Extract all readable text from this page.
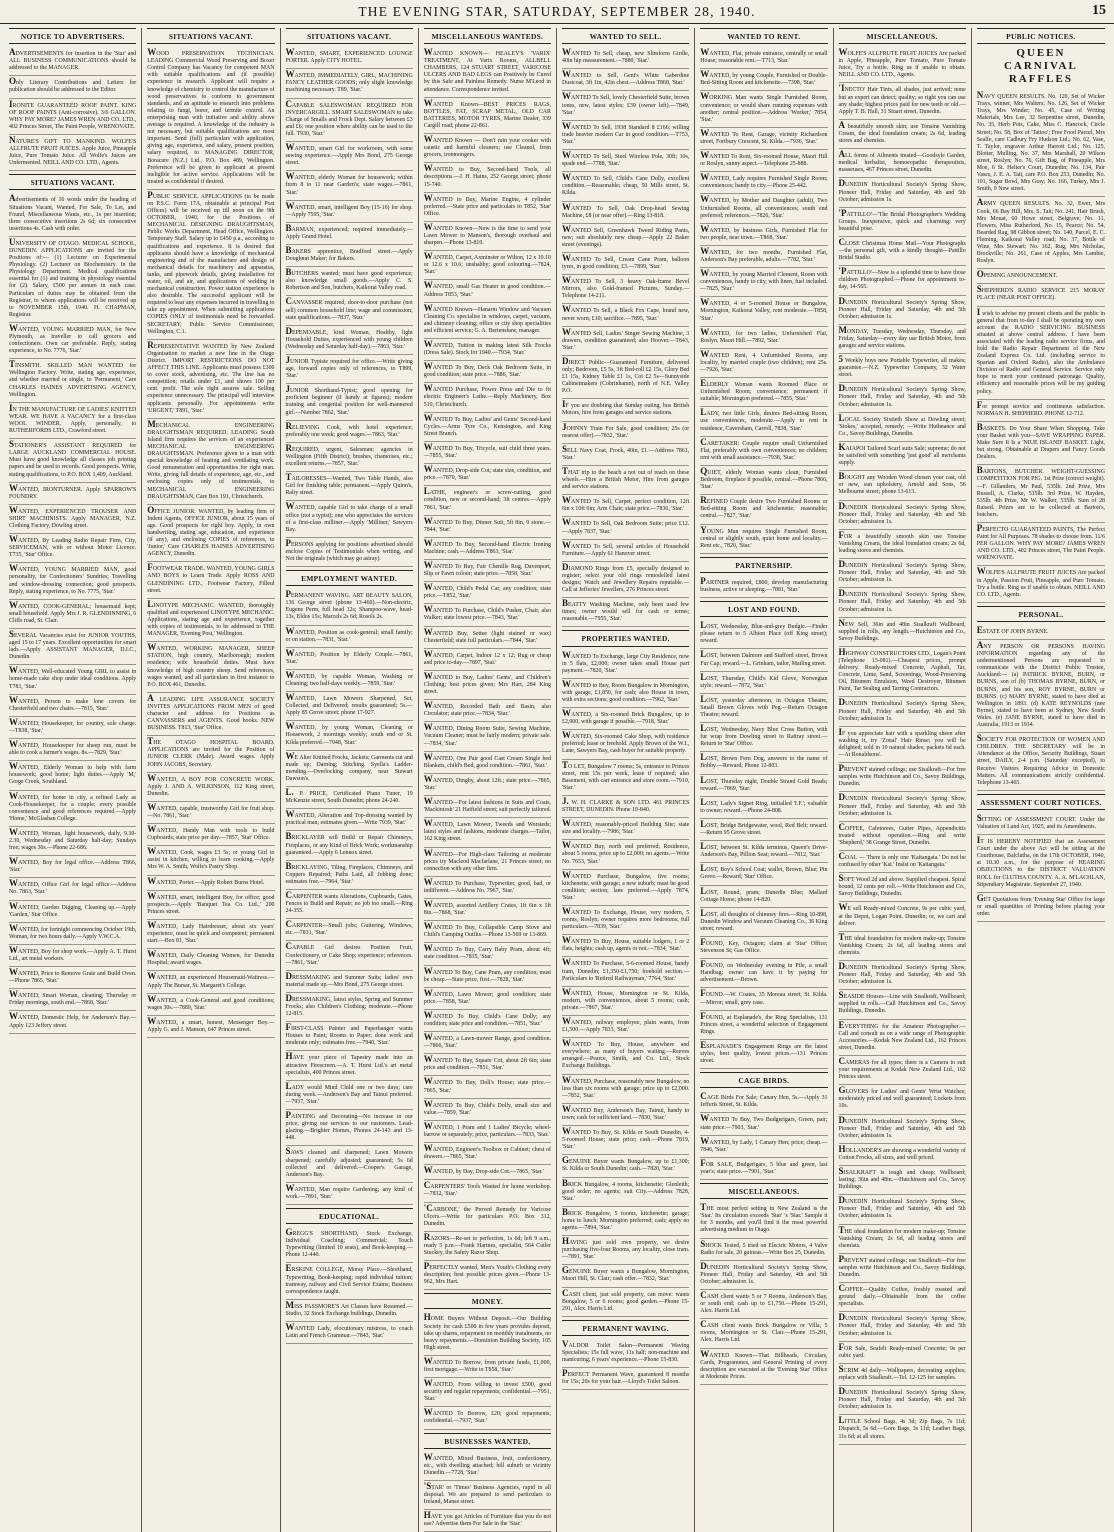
THE EVENING STAR, SATURDAY, SEPTEMBER 28, 1940.	15
NOTICE TO ADVERTISERS.
ADVERTISEMENTS for insertion in the 'Star' and ALL BUSINESS COMMUNICATIONS should be addressed to the MANAGER.
Only Literary Contributions and Letters for publication should be addressed to the Editor.
IRONITE GUARANTEED ROOF PAINT. KING OF ROOF PAINTS (Anti-corrosive). 3/6 GALLON. WHY PAY MORE? JAMES WREN AND CO. LTD., 402 Princes Street, The Paint People, WRENOVATE.
NATURE'S GIFT TO MANKIND. WOLFE'S ALLFRUTE FRUIT JUICES. Apple Juice, Pineapple Juice, Pure Tomato Juice. All Wolfe's Juices are Unfermented. NEILL AND CO. LTD., Agents.
SITUATIONS VACANT.
Advertisements of 16 words under the heading of Situations Vacant, Wanted, For Sale, To Let, and Found, Miscellaneous Wants, etc., 1s per insertion; three consecutive insertions 2s 6d; six consecutive insertions 4s. Cash with order.
UNIVERSITY OF OTAGO. MEDICAL SCHOOL, DUNEDIN. APPLICATIONS are invited for the Positions of:— (1) Lecturer on Experimental Physiology. (2) Lecturer on Biochemistry. In the Physiology Department. Medical qualifications essential for (1) and training in physiology essential for (2). Salary, £500 per annum in each case. Particulars of duties may be obtained from the Registrar, to whom applications will be received up to NOVEMBER 15th, 1940. H. CHAPMAN, Registrar.
WANTED, YOUNG MARRIED MAN, for New Plymouth, as traveller to call grocers and confectioners. Own car preferable. Reply, stating experience, to No. 7776, 'Star.'
TINSMITH. SKILLED MAN WANTED for Wellington Factory. Write, stating age, experience, and whether married or single, to 'Permanent,' Care CHARLES HAINES ADVERTISING AGENCY, Wellington.
IN THE MANUFACTURE OF LADIES' KNITTED WEAR. WE HAVE A VACANCY for a first-class WOOL WINDER. Apply, personally, to RUTHERFORDS LTD., Crawford street.
STATIONER'S ASSISTANT REQUIRED for LARGE AUCKLAND COMMERCIAL HOUSE. Must have good knowledge all classes job printing papers and be used to records. Good prospects. Write, stating qualifications, to P.O. BOX 1,409, Auckland.
WANTED, IRONTURNER. Apply SPARROW'S FOUNDRY.
WANTED, EXPERIENCED TROUSER AND SHIRT MACHINISTS. Apply MANAGER, N.Z. Clothing Factory, Dowling street.
WANTED, By Leading Radio Repair Firm, City, SERVICEMAN, with or without Motor Licence. T735, 'Star' Office.
WANTED, YOUNG MARRIED MAN, good personality, for Confectioners' Sundries; Travelling and window-dressing connection; good prospects. Reply, stating experience, to No. 7775, 'Star.'
WANTED, COOK-GENERAL; housemaid kept; small household. Apply Mrs J. R. GLENDINNING, 6 Cliffs road, St. Clair.
SEVERAL Vacancies exist for JUNIOR YOUTHS, aged 15 to 17 years. Excellent opportunities for smart lads.—Apply ASSISTANT MANAGER, D.I.C., Dunedin.
WANTED, Well-educated Young GIRL to assist in home-made cake shop under ideal conditions. Apply T781, 'Star.'
WANTED, Person to make lone covers for Chesterfield and two chairs.—7815, 'Star.'
WANTED, Housekeeper, for country, sole charge.—T838, 'Star.'
WANTED, Housekeeper for sheep run, must be able to cook a farmer's wages. 8s.—7829, 'Star.'
WANTED, Elderly Woman to help with farm housework; good home; light duties.—Apply 'M,' Gorge Creek, Southland.
WANTED, for home in city, a refined Lady as Cook-Housekeeper, for a couple; every possible convenience and good references required.—Apply 'Home,' McGlashan College.
WANTED, Woman, light housework, daily, 9.30-2.30, Wednesday and Saturday half-day; Sundays free; wages 30s.—Phone 22-686.
WANTED, Boy for legal office.—Address T866, 'Star.'
WANTED, Office Girl for legal office.—Address No. 7863, 'Star.'
WANTED, Garden Digging, Cleaning up.—Apply 'Garden,' Star Office.
WANTED, for fortnight commencing October 19th, Woman, for two hours daily.—Apply V.W.C.A.
WANTED, Boy for shop work.—Apply A. T. Hurst Ltd., art metal workers.
WANTED, Price to Remove Grate and Build Oven.—Phone 7865, 'Star.'
WANTED, Smart Woman, cleaning, Thursday or Friday mornings, south end.—7868, 'Star.'
WANTED, Domestic Help, for Anderson's Bay.—Apply 123 Jeffery street.
SITUATIONS VACANT.
WOOD PRESERVATION TECHNICIAN. LEADING Commercial Wood Preserving and Boxer Control Company has Vacancy for competent MAN with suitable qualifications and (if possible) experience in research. Applicant will require a knowledge of chemistry to control the manufacture of wood preservatives to conform to government standards, and an aptitude to research into problems relating to fungi, borer, and termite control. An enterprising man with initiative and ability above average is required. A knowledge of the industry is not necessary, but suitable qualifications are most important. Send (full) particulars with application, giving age, experience, and salary, present position, salary required, to MANAGING DIRECTOR, Boracure (N.Z.) Ltd., P.O. Box 489, Wellington. Preference will be given to applicant at present ineligible for active service. Applications will be treated as confidential if desired.
PUBLIC SERVICE. APPLICATIONS (to be made on P.S.C. Form 17A, obtainable at principal Post Offices) will be received up till noon on the 9th OCTOBER, 1940, for the Positions of MECHANICAL DESIGNING DRAUGHTSMAN, Public Works Department, Head Office, Wellington. Temporary Staff. Salary up to £450 p.a., according to qualifications and experience. It is desired that applicants should have a knowledge of mechanical engineering and of the manufacture and design of mechanical details for machinery and apparatus, tanks, and pipework details, giving installation for water, oil, and air, and applications of welding in mechanical construction. Power station experience is also desirable. The successful applicant will be required to bear any expenses incurred in travelling to take up appointment. When submitting applications COPIES ONLY of testimonials need be forwarded. SECRETARY, Public Service Commissioner, Wellington, C.1.
REPRESENTATIVE WANTED by New Zealand Organisation to market a new line in the Otago District. IMPORT RESTRICTIONS DO NOT AFFECT THIS LINE. Applicants must possess £300 to cover stock, advertising, etc. The line has no competition; retails under £1, and shows 100 per cent. profit. The sole right assures sale. Selling experience unnecessary. The principal will interview applicants personally. For appointments write 'URGENT,' T891, 'Star.'
MECHANICAL ENGINEERING DRAUGHTSMAN REQUIRED. LEADING South Island firm requires the services of an experienced MECHANICAL ENGINEERING DRAUGHTSMAN. Preference given to a man with special knowledge of heating and ventilating work. Good remuneration and opportunities for right man. Write, giving full details of experience, age, etc., and enclosing copies only of testimonials, to MECHANICAL ENGINEERING DRAUGHTSMAN, Care Box 191, Christchurch.
OFFICE JUNIOR. WANTED, by leading firm of Indent Agents, OFFICE JUNIOR, about 15 years of age. Good prospects for right boy. Apply, in own handwriting, stating age, education, and experience (if any), and enclosing COPIES of references, to 'Junior,' Care CHARLES HAINES ADVERTISING AGENCY, Dunedin.
FOOTWEAR TRADE. WANTED, YOUNG GIRLS AND BOYS to Learn Trade. Apply ROSS AND GLENDINING LTD., Footwear Factory, Filleul street.
LINOTYPE MECHANIC. WANTED, thoroughly qualified and experienced LINOTYPE MECHANIC. Applications, stating age and experience, together with copies of testimonials, to be addressed to THE MANAGER, 'Evening Post,' Wellington.
WANTED, WORKING MANAGER, SHEEP STATION, high country, Marlborough; modern residence; wife household duties. Must have knowledge of high country sheep. Send references, wages wanted, and all particulars in first instance to P.O. BOX 461, Dunedin.
A LEADING LIFE ASSURANCE SOCIETY INVITES APPLICATIONS FROM MEN of good character and address for Positions as CANVASSERS and AGENTS. Good books. NEW BUSINESS. T813, 'Star' Office.
THE OTAGO HOSPITAL BOARD. APPLICATIONS are invited for the Position of JUNIOR CLERK (Male). Award wages. Apply JOHN JACOBS, Secretary.
WANTED, A BOY FOR CONCRETE WORK. Apply J. AND A. WILKINSON, 112 King street, Dunedin.
WANTED, capable, trustworthy Girl for fruit shop.—No. 7861, 'Star.'
WANTED, Handy Man with tools to build Cupboards; state price per day.—7857, 'Star' Office.
WANTED, Cook, wages £3 5s; or young Girl to assist in kitchen, willing to learn cooking.—Apply Mrs W. A. Smith, Wolfe's Pastry Shop.
WANTED, Porter.—Apply Robert Burns Hotel.
WANTED, smart, intelligent Boy, for office; good prospects.—Apply 'Banquet Tea Co. Ltd.,' 200 Princes street.
WANTED, Lady Hairdresser, about six years' experience, must be quick and competent; permanent start.—Box 81, 'Star.'
WANTED, Daily Cleaning Women, for Dunedin Hospital; award wages.
WANTED, an experienced Housemaid-Waitress.—Apply The Bursar, St. Margaret's College.
WANTED, a Cook-General and good conditions; wages 30s.—7889, 'Star.'
WANTED, a smart, honest, Messenger Boy.—Apply G. and J. Manson, 647 Princes street.
SITUATIONS VACANT.
WANTED, SMART, EXPERIENCED LOUNGE PORTER. Apply CITY HOTEL.
WANTED, IMMEDIATELY, GIRL, MACHINING FANCY LEATHER GOODS; only slight knowledge machining necessary. T89, 'Star.'
CAPABLE SALESWOMAN REQUIRED FOR INVERCARGILL. SMART SALESWOMAN to take Charge of Smalls and Frock Dept. Salary between £3 and £6; one position where ability can be used to the full. T930, 'Star.'
WANTED, smart Girl for workroom, with some sewing experience.—Apply Mrs Bond, 275 George street.
WANTED, elderly Woman for housework; within from 8 to 11 near Garden's; state wages.—7861, 'Star.'
WANTED, smart, intelligent Boy (15-16) for shop.—Apply 7595, 'Star.'
BARMAN, experienced; required immediately.—Apply Grand Hotel.
BAKERS apprentice, Bradford street.—Apply Doughnut Maker; for Bakers.
BUTCHERS wanted; must have good experience; also knowledge small goods.—Apply C. S. Robertson and Son, butchers, Kaikorai Valley road.
CANVASSER required, door-to-door purchase (not sell) common household line; wage and commission; state qualifications.—7837, 'Star.'
DEPENDABLE, kind Woman, Healthy, light Household Duties, experienced with young children (Wednesday and Saturday half-day).—7863, 'Star.'
JUNIOR Typiste required for office.—Write giving age, forward copies only of references, to T899, 'Star.'
JUNIOR Shorthand-Typist; good opening for proficient beginner (if handy at figures); modern training and congenial position for well-mannered girl.—Number 7862, 'Star.'
RELIEVING Cook, with hotel experience; preferably one week; good wages.—7863, 'Star.'
REQUIRED, urgent, Salesman; agencies in Wellington (Fifth District); brushes, chamoises, etc.; excellent returns.—7857, 'Star.'
TAILORESSES—Wanted, Two Table Hands, also Girl for finishing table; permanent.—Apply Quinn's, Ralty street.
WANTED, capable Girl to take charge of a small office (not a typist); one who appreciates the services of a first-class milliner.—Apply 'Milliner,' Sawyers Bay.
PERSONS applying for positions advertised should enclose Copies of Testimonials when writing, and Not the originals (which may go astray).
EMPLOYMENT WANTED.
PERMANENT WAVING. ART BEAUTY SALON, 136 George street (phone 13-460).—Non-electric, Eugene Perm, full head 12s; Shampoo-wave, head-13s, Eldos 15s; Marcels 2s 6d; Rosols 2s.
WANTED, Position as cook-general; small family; or on station.—7831, 'Star.'
WANTED, Position by Elderly Couple.—7861, 'Star.'
WANTED, by capable Woman, Washing or Cleaning; two half-days weekly.—7859, 'Star.'
WANTED, Lawn Mowers Sharpened, Set, Collected, and Delivered; results guaranteed; 5s.—Apply 85 Grove street; phone 17-927.
WANTED, by young Woman, Cleaning or Housework, 2 mornings weekly; south end or St. Kilda preferred.—7948, 'Star.'
WE Alter Knitted Frocks, Jackets; Garments cut and made up; Darning; Stitching. Syella's Ladder-mending.—Overlocking company, near Stewart Dawson's.
L. P. PRICE, Certificated Piano Tuner, 19 McKenzie street, South Dunedin; phone 24-240.
WANTED, Alteration and Top-dressing wanted by practical man; estimates given.—Write 7939, 'Star.'
BRICKLAYER will Build or Repair Chimneys, Fireplaces, or any Kind of Brick Work; workmanship guaranteed.—Apply 6 Lennox street.
BRICKLAYING, Tiling, Fireplaces, Chimneys, and Coppers Repaired; Paths Laid, all Jobbing done; estimates free.—7964, 'Star.'
CARPENTER wants Alterations, Cupboards, Gates, Fences to Build and Repair; no job too small.—Ring 24-355.
CARPENTER—Small jobs; Guttering, Windows, etc.—7831, 'Star.'
CAPABLE Girl desires Position Fruit, Confectionery, or Cake Shop; experience; references.—7861, 'Star.'
DRESSMAKING and Summer Suits; ladies' own material made up.—Mrs Bond, 275 George street.
DRESSMAKING, latest styles, Spring and Summer Frocks; also Children's Clothing; moderate.—Phone 12-815.
FIRST-CLASS Painter and Paperhanger wants Houses to Paint; Rooms to Paper; done work and moderate only; estimates free.—7940, 'Star.'
HAVE your piece of Tapestry made into an attractive Firescreen.—A. T. Hurst Ltd.'s art metal specialists, 400 Princes street.
LADY would Mind Child one or two days; care during week.—Anderson's Bay and Tainui preferred.—7937, 'Star.'
PAINTING and Decorating—No increase in our price; giving our services to our customers. Lead-glazing.—Brighter Homes, Phones 24-143 and 13-448.
SAWS cleaned and sharpened; Lawn Mowers sharpened; carefully adjusted; guaranteed; 5s 6d collected and delivered.—Cooper's Garage, Anderson's Bay.
WANTED, Man require Gardening; any kind of work.—7891, 'Star.'
EDUCATIONAL.
GREGG'S SHORTHAND, Stock Exchange, Individual Coaching; Commercial; Touch Typewriting (limited 10 seats), and Book-keeping.—Phone 12-440.
ERSKINE COLLEGE, Moray Place.—Shorthand, Typewriting, Book-keeping; rapid individual tuition; tramway, railway and Civil Service Exams; Business correspondence taught.
MISS PASSMORE'S Art Classes have Resumed.—Studio, 32 Stock Exchange buildings, Dunedin.
WANTED Lady, elocutionary mistress, to coach Latin and French Grammar.—7843, 'Star.'
MISCELLANEOUS WANTEDS.
WANTED KNOWN— HEALEY'S 'VARIX' TREATMENT, At Varix Rooms, ALLBELL CHAMBERS, 124 STUART STREET, VARICOSE ULCERS AND BAD LEGS can Positively be Cured by this Safe and Painless Remedy. Nurse M'Leod in attendance. Correspondence invited.
WANTED Known—BEST PRICES RAGS, BOTTLES, FAT, SCRAP METAL, OLD CAR BATTERIES, MOTOR TYRES, Marine Dealer, 339 Cargill road; phone 22-861.
WANTED Known — Don't ruin your cooker with caustic and harmful cleaners; use Cleanol, from grocers, ironmongers.
WANTED to Buy, Second-hand Tools, all descriptions.—J. H. Hains, 252 George street; phone 15-740.
WANTED to Buy, Marine Engine, 4 cylinder preferred.—State price and particulars to T852, 'Star' Office.
WANTED Known—Now is the time to send your Lawn Mower to Manson's, thorough overhaul and sharpen.—Phone 13-810.
WANTED, Carpet, Axminster or Wilton, 12 x 10.10 or 12.6 x 10.6; unshabby; good colouring.—7824, 'Star.'
WANTED, small Gas Heater in good condition.—Address T853, 'Star.'
WANTED Known—Hanarm Window and Vacuum Cleaning Co. specialise in windows, carpet, vacuum, and chimney cleaning; office or city shop specialities and efficient service; G. A. Bertenshaw, manager.
WANTED, Tuition in making latest Silk Frocks (Dress Sale). Stock for 1940.—7934, 'Star.'
WANTED To Buy, Deck Oak Bedroom Suite, in good condition; state price.—7886, 'Star.'
WANTED Purchase, Power Press and Die to fit electric Engineer's Lathe.—Reply Machinery, Box 510, Christchurch.
WANTED To Buy, Ladies' and Gents' Second-hand Cycles.—Arms Tyre Co., Kensington, and King Street Branch.
WANTED To Buy, Tricycle, suit child three years.—7855, 'Star.'
WANTED, Drop-side Cot; state size, condition, and price.—7870, 'Star.'
LATHE, engineer's or screw-cutting, good condition, new or second-hand; 3ft centres.—Apply 7861, 'Star.'
WANTED To Buy, Dinner Suit, 5ft 8in, 9 stone.—7844, 'Star.'
WANTED To Buy, Second-hand Electric Ironing Machine; cash.—Address T863, 'Star.'
WANTED To Buy, Fair Chenille Rug, Davenport, Slip or Fawn colour; state price.—7858, 'Star.'
WANTED, Child's Pedal Car, any condition; state price.—T852, 'Star.'
WANTED To Purchase, Child's Pusher, Chair, also Walker; state lowest price.—7843, 'Star.'
WANTED Buy, Settee (light stained or wax) Chesterfield; state full particulars.—7844, 'Star.'
WANTED, Carpet, Indoor 12 x 12; Rug or cheap and price to-day.—7897, 'Star.'
WANTED to Buy, Ladies' Gents', and Children's Clothing; best prices given; Mrs Hart, 284 King street.
WANTED, Recorded Bath and Basin, also Circulator; state price.—7834, 'Star.'
WANTED, Dining Room Suite, Sewing Machine, Vacuum Cleaner; must be fairly modern; private sale.—7834, 'Star.'
WANTED, One Pair good Cast Cream Single bed Blankets, child's Bed, good condition.—7861, 'Star.'
WANTED, Dinghy, about 12ft.; state price.—7865, 'Star.'
WANTED—For latest fashions in Suits and Coats, 'Mackintosh' 21 Hatfield street; suit perfectly tailored.
WANTED, Lawn Mower, Tweeds and Worsteds; latest styles and fashions, moderate charges.—Tailor, 162 King street.
WANTED—For High-class Tailoring at moderate prices try Macleod Macfarlane, 21 Princes street; no connection with any other firm.
WANTED To Purchase, Typewriter, good, bad, or indifferent.—Address No. 7967, 'Star.'
WANTED, assorted Artillery Crates, 1ft 6in x 1ft 8in.—7868, 'Star.'
WANTED To Buy, Collapsible Camp Stove and Child's Camping Outfits.—Phone 13-569 or 13-869.
WANTED To Buy, Carry Baby Pram, about 4ft; state condition.—7835, 'Star.'
WANTED To Buy, Cane Pram, any condition; must be cheap.—State price, first.—7828, 'Star.'
WANTED, Lawn Mower; good condition; state price.—7858, 'Star.'
WANTED To Buy, Child's Cane Dolly; any condition; state price and condition.—7851, 'Star.'
WANTED, a Lawn-mower Range, good condition.—7866, 'Star.'
WANTED To Buy, Square Cot, about 2ft 6in; state price and condition.—7851, 'Star.'
WANTED To Buy, Doll's House; state price.—7865, 'Star.'
WANTED To Buy, Child's Dolly, small size and value.—7859, 'Star.'
WANTED, 1 Pram and 1 Ladies' Bicycle; wheel-barrow or separately; price, particulars.—7833, 'Star.'
WANTED, Engineer's Toolbox or Cabinet; chest of drawers.—7865, 'Star.'
WANTED, by Day, Drop-side Cot.—7865, 'Star.'
CARPENTERS' Tools Wanted for home workshop.—7832, 'Star.'
'CARBONE,' the Proved Remedy for Varicose Ulcers.—Write for particulars P.O. Box 312, Dunedin.
RAZORS—Re-set to perfection, 1s 6d; left 9 a.m., ready 5 p.m.—Frank Hartnes, specialist, 564 Cutler Stuckey, the Safety Razor Shop.
PERFECTLY wanted, Men's Youth's Clothing every description; best possible prices given.—Phone 13-962, Mrs Hart.
MONEY.
HOME Buyers Without Deposit.—Our Building Society for cash £500 in few years provides deposit, take up shares, repayment on monthly instalments, no heavy repayments.—Dominion Building Society, 105 High street.
WANTED To Borrow, from private funds, £1,000, first mortgage.—Write to T858, 'Star.'
WANTED, From willing to invest £500, good security and regular repayments; confidential.—7951, 'Star.'
WANTED To Borrow, £20; good repayments; confidential.—7937, 'Star.'
BUSINESSES WANTED.
WANTED, Mixed Business, fruit, confectionery, etc., with dwelling attached; hill suburb or vicinity Dunedin.—7728, 'Star.'
'STAR' or 'Times' Business Agencies, rapid in all disposal. We are prepared to send particulars to Ireland, Manse street.
HAVE you got Articles of Furniture that you do not use? Advertise them For Sale in the 'Star.'
WANTED TO SELL.
WANTED To Sell, cheap, new Slimform Girdle, 40in hip measurement.—7880, 'Star.'
WANTED to Sell, Gent's White Gaberdine Dustcoat, 3ft 1in, 42in chest.—Address T868, 'Star.'
WANTED To Sell, lovely Chesterfield Suite, brown tones, new, latest styles; £39 (owner left).—7849, 'Star.'
WANTED To Sell, 1938 Standard 8 £166; willing trade heavier modern Car in good condition.—T753, 'Star.'
WANTED To Sell, Steel Wireless Pole, 30ft; 10s, spade end.—7788, 'Star.'
WANTED To Sell, Child's Cane Dolly, excellent condition.—Reasonable; cheap, 50 Mills street, St. Kilda.
WANTED To Sell, Oak Drop-head Sewing Machine, £8 (or near offer).—Ring 13-818.
WANTED Sell, Greenhawk Tweed Riding Pants, new; suit absolutely new cheap.—Apply 22 Baker street (evenings).
WANTED To Sell, Cream Cane Pram, balloon tyres, in good condition; £3.—7899, 'Star.'
WANTED To Sell, 3 heavy Oak-frame Bevel Mirrors, also Gold-framed Pictures, Sunday.—Telephone 14-211.
WANTED To Sell, a Black Fox Cape, brand new, never worn; £10; sacrifice.—7895, 'Star.'
WANTED Sell, Ladies' Singer Sewing Machine, 3 drawers, condition guaranteed; also Hoover.—T843, 'Star.'
DIRECT Public—Guaranteed Furniture, delivered only; Bedroom, £5 5s, 3ft Bed-roll £2 15s, Glory Bed £1 15s, Kidney Table £1 1s, Cot £2 5s—Sunnyside Cabinetmakers (Cobrinhamn), north of N.E. Valley P.O.
IF you are doubting that Sunday outing, bus British Motors, hire from garages and service stations.
JOHNNY Train For Sale, good condition; 25s (or nearest offer).—7832, 'Star.'
SELL Navy Coat, Frock, 40in, £1.—Address 7861, 'Star.'
THAT trip to the beach a not out of reach on these wheels.—Hire a British Motor, Hire from garages and service stations.
WANTED To Sell, Carpet, perfect condition, 12ft 6in x 10ft 6in; Arm Chair; state price.—7836, 'Star.'
WANTED To Sell, Oak Bedroom Suite; price £12.—Apply 7837, 'Star.'
WANTED To Sell, several articles of Household Furniture.—Apply 61 Hanover street.
DIAMOND Rings from £5, specially designed to register; select your old rings remodelled latest designs; Watch and Jewellery Repairs reputable.—Call at Jefferies' Jewellers, 276 Princes street.
BEATTY Washing Machine, only been used few times; owner would sell for cash or terms; reasonable.—7955, 'Star.'
PROPERTIES WANTED.
WANTED To Exchange, large City Residence, now in 5 flats, £2,000; owner takes small House part payment.—7820, 'Star.'
WANTED to Buy, Room Bungalow in Mornington, with garage, £1,850, for cash; also House in town, with extra sections; good condition.—7962, 'Star.'
WANTED, a Six-roomed Brick Bungalow, up to £2,000, with garage if possible.—7918, 'Star.'
WANTED, Six-roomed Cake Shop, with residence preferred; lease or freehold. Apply Brown of the W.I., Lane, Sawyers Bay, cash buyer for suitable property.
TO LET, Bungalow 7 rooms; 5s, entrance to Princes street, rent 15s per week, lease if required; also Basement, with cart entrance and store room.—7910, 'Star.'
J. W. H. CLARKE & SON LTD. 461 PRINCES STREET, DUNEDIN. Phone 10-840.
WANTED, reasonably-priced Building Site; state size and locality.—7986, 'Star.'
WANTED Buy, north end preferred; Residence, about 5 rooms, price up to £2,000; no agents.—Write No. 7653, 'Star.'
WANTED Purchase, Bungalow, five rooms; kitchenette, with garage; a new suburb; must be good condition; section; lane preferred.—Apply 7874, 'Star.'
WANTED To Exchange, House, very modern, 5 rooms, Roslyn; owner requires more bedrooms; full particulars.—7839, 'Star.'
WANTED To Buy, House, suitable lodgers, 1 or 2 flats, heights; cash up, agents or not.—7834, 'Star.'
WANTED To Purchase, 5-6-roomed House, handy tram, Dunedin; £1,350-£1,750; freehold section.—Particulars to 'Retired Railwayman,' 7764, 'Star.'
WANTED, House, Mornington or St. Kilda, modern, with conveniences, about 5 rooms; cash; private.—7867, 'Star.'
WANTED, railway employee, plain wants, from £1,500.—Apply 7833, 'Star.'
WANTED To Buy, House, anywhere and everywhere; as many of buyers waiting.—Reeves arranged.—Pearce, Smith, and Co. Ltd., Stock Exchange Buildings.
WANTED, Purchase, reasonably new Bungalow, no less than six rooms with garage; price up to £2,000.—7832, 'Star.'
WANTED Buy, Anderson's Bay, Tainui, handy to town; cash for sufficient land.—7830, 'Star.'
WANTED To Buy, St. Kilda or South Dunedin, 4-5-roomed House; state price; cash.—Phone 7819, 'Star.'
GENUINE Buyer wants Bungalow, up to £1,300; St. Kilda or South Dunedin; cash.—7820, 'Star.'
BRICK Bungalow, 4 rooms, kitchenette; Glenleith; good order; no agents; suit City.—Address 7828, 'Star.'
BRICK Bungalow, 5 rooms, kitchenette; garage; home to lunch; Mornington preferred; cash; apply no agents.—7894, 'Star.'
HAVING just sold own property, we desire purchasing five-four Rooms, any locality, close tram.—7891, 'Star.'
GENUINE Buyer wants a Bungalow, Mornington, Maori Hill, St. Clair; cash offer.—7832, 'Star.'
CASH client, just sold property, can move: wants Bungalow, 5 or 6 rooms; good garden.—Phone 15-291, Alex. Harris Ltd.
PERMANENT WAVING.
VALDOR Toilet Salon—Permanent Waving Specialists; 15s full wave, 11s half; non-machine and manicuring; 6 years' experience.—Phone 15-830.
PERFECT Permanent Wave, guaranteed 8 months for 15s; 20s for your hair.—Lloyd's Toilet Saloon.
WANTED TO RENT.
WANTED, Flat, private entrance, centrally or small House; reasonable rent.—T713, 'Star.'
WANTED, by young Couple, Furnished or Double-Bed-Sitting Room and kitchenette.—7398, 'Star.'
WORKING Man wants Single Furnished Room, convenience; or would share running expenses with another; central position.—Address 'Worker,' 7854, 'Star.'
WANTED To Rent, Garage, vicinity Richardson street, Fortbury Crescent, St. Kilda.—7936, 'Star.'
WANTED To Rent, Six-roomed House, Maori Hill or Roslyn, sunny aspect.—Telephone 25-888.
WANTED, Lady requires Furnished Single Room; conveniences; handy to city.—Phone 25-442.
WANTED, by Mother and Daughter (adult), Two Unfurnished Rooms, all conveniences; south end preferred; references.—7826, 'Star.'
WANTED, by business Girls, Furnished Flat for two people, near town.—T868, 'Star.'
WANTED, for two months, Furnished Flat, Anderson's Bay preferable, adults.—7782, 'Star.'
WANTED, by young Married Clement, Room with conveniences, handy to city, with linen, fuel included.—7825, 'Star.'
WANTED, 4 or 5-roomed House or Bungalow, Mornington, Kaikorai Valley, rent moderate.—T858, 'Star.'
WANTED, for two ladies, Unfurnished Flat, Roslyn, Maori Hill.—7892, 'Star.'
WANTED Rent, 4 Unfurnished Rooms, any locality, by married couple (two children); rent 25s.—7926, 'Star.'
ELDERLY Woman wants Roomed Place or Unfurnished Room; convenience; permanent if suitable; Mornington preferred.—7855, 'Star.'
LADY, two little Girls, desires Bed-sitting Room, use conveniences, moderate.—Apply to rent in residence, Caversham, Carroll, 7838, 'Star.'
CARETAKER: Couple require small Unfurnished Flat, preferably with own conveniences; no children; rent with small assistance.—7938, 'Star.'
QUIET, elderly Woman wants clean, Furnished Bedroom, fireplace if possible, central.—Phone 7866, 'Star.'
REFINED Couple desire Two Furnished Rooms or Bed-sitting Room and kitchenette; reasonable; central.—7827, 'Star.'
YOUNG Man requires Single Furnished Room, central or slightly south, quiet home and locality.—Rent etc., 7820, 'Star.'
PARTNERSHIP.
PARTNER required, £800, develop manufacturing business, active or sleeping.—7881, 'Star.'
LOST AND FOUND.
LOST, Wednesday, Blue-and-grey Budgie.—Finder please return to 5 Albion Place (off King street); reward.
LOST, between Dalmore and Stafford street, Brown Fur Cap; reward.—L. Grinham, tailor, Mailing street.
LOST, Thursday, Child's Kid Glove, Norwegian style; reward.—7872, 'Star.'
LOST, yesterday afternoon, in Octagon Theatre, Small Brown Gloves with Peg.—Return Octagon Theatre; reward.
LOST, Wednesday, Navy Blue Cross Button, with fur wrap from Dowling street to Rattray street.—Return to 'Star' Office.
LOST, Brown Fern Dog, answers to the name of Bobby.—Reward; Phone 12-803.
LOST, Thursday night, Double Strand Gold Beads; reward.—7869, 'Star.'
LOST, Lady's Signet Ring, initialled 'I.F.'; valuable to owner; reward.—Phone 24-808.
LOST, Bridge Bridgewater, wool, Red Belt; reward.—Return 95 Grove street.
LOST, between St. Kilda terminus, Queen's Drive-Anderson's Bay, Pillion Seat; reward.—7812, 'Star.'
LOST, Boy's School Coat; wallet, Brown, Blue; Pin Grove.—Reward; 'Star' Office.
LOST, Round, pram; Dunedin Blue; Mallard Cottage Home; phone 14-820.
LOST, all thoughts of chimney fires.—Ring 10-898, Dunedin Window and Vacuum Cleaning Co., 36 King street; reward.
FOUND, Key, Octagon; claim at 'Star' Office; Stevenson St; Gas Office.
FOUND, on Wednesday evening in Pile, a small Handbag; owner can have it by paying for advertisement.—Brown.
FOUND.—W. Coates, 35 Moreau street, St. Kilda.—Mirror; small, grey case.
FOUND, at Esplanade's, the Ring Specialists, 131 Princes street, a wonderful selection of Engagement Rings.
ESPLANADE'S Engagement Rings are the latest styles, best quality, lowest prices.—131 Princes street.
CAGE BIRDS.
CAGE Birds For Sale; Canary Hen, 5s.—Apply 31 Jefferis Street, St. Kilda.
WANTED To Buy, Two Budgerigars, Green, pair; state price.—7903, 'Star.'
WANTED, by Lady, 1 Canary Hen; price; cheap.—7846, 'Star.'
FOR SALE, Budgerigars, 5 blue and green, last year's; state price.—7901, 'Star.'
MISCELLANEOUS.
THE most perfect setting in New Zealand is the 'Star.' Its circulation exceeds 'Star' 's 'Star.' Sample it for 3 months, and you'll find it the most powerful advertising medium in Otago.
SHOCK Tested, 5 tried on Electric Motors, 4 Valve Radio for sale, 20 guineas.—Write Box 25, Dunedin.
DUNEDIN Horticultural Society's Spring Show, Pioneer Hall, Friday and Saturday, 4th and 5th October; admission 1s.
CASH client wants 5 or 7 Rooms, Anderson's Bay, or south end; cash up to £1,750.—Phone 15-291, Alex. Harris Ltd.
CASH client wants Brick Bungalow or Villa, 5 rooms, Mornington or St. Clair.—Phone 15-291, Alex. Harris Ltd.
WANTED Known—That Billheads, Circulars, Cards, Programmes, and General Printing of every description are executed at the 'Evening Star' Office at Moderate Prices.
MISCELLANEOUS.
WOLFE'S ALLFRUTE FRUIT JUICES Are packed in Apple, Pineapple, Pure Tomato, Pure Tomato Juice, Try a bottle. Ring us if unable to obtain. NEILL AND CO. LTD., Agents.
'INECTO' Hair Tints, all shades, just arrived; none but an expert can detect; quality; so right you can use any shade; highest prices paid for new teeth or old.—Apply T. B. Hall, 31 Stuart street, Dunedin.
A beautifully smooth skin; use Tonsine Vanishing Cream, the ideal foundation cream; 2s 6d, leading stores and chemists.
ALL forms of Ailments treated—Goodsyle Garden, medical herbalist, homoeopathic therapeutists, masseuses, 467 Princes street, Dunedin.
DUNEDIN Horticultural Society's Spring Show, Pioneer Hall, Friday and Saturday, 4th and 5th October; admission 1s.
'PATTILLO'—'The Bridal Photographer's Wedding Groups. Inexpensive, quick and charming; very beautiful pose.
CLOSE Christmas Home Mail—Your Photographs—the personal gift, with a kindly thought—Pattillo Bridal Studio.
'PATTILLO'—Now is a splendid time to have those children Photographed.—Phone for appointment to-day, 14-565.
DUNEDIN Horticultural Society's Spring Show, Pioneer Hall, Friday and Saturday, 4th and 5th October; admission 1s.
MONDAY, Tuesday, Wednesday, Thursday, and Friday, Saturday—every day use British Motor, from garages and service stations.
5 Weekly buys new Portable Typewriter, all makes; guarantee.—N.Z. Typewriter Company, 32 Water street.
DUNEDIN Horticultural Society's Spring Show, Pioneer Hall, Friday and Saturday, 4th and 5th October; admission 1s.
LOCAL Society Sixtieth Show at Dowling street; 'Stokes,' accepted, remedy; —Write Huthnance and Co., Savoy Buildings, Dunedin.
KAIAPOI Tailored Scarf suits Sale; supreme; do not be satisfied with something 'just good' all merchants supply.
BOUGHT any Wooden Wood chosen your cast, old or new, sun upholstery, Arnold and Sons, 56 Melbourne street; phone 13-613.
DUNEDIN Horticultural Society's Spring Show, Pioneer Hall, Friday and Saturday, 4th and 5th October; admission 1s.
FOR a beautifully smooth skin use Tonsine Vanishing Cream, the ideal foundation cream; 2s 6d, leading stores and chemists.
DUNEDIN Horticultural Society's Spring Show, Pioneer Hall, Friday and Saturday, 4th and 5th October; admission 1s.
DUNEDIN Horticultural Society's Spring Show, Pioneer Hall, Friday and Saturday, 4th and 5th October; admission 1s.
NEW Sell, 36in and 48in Sisalkraft Wallboard, supplied in rolls, any length.—Hutchinson and Co., Savoy Buildings.
HIGHWAY CONSTRUCTORS LTD., Logan's Point (Telephone 13-081).—Cheapest prices, prompt delivery. Ready-mixed Concrete, Asphalt, Tar, Concrete, Lime, Sand, Screenings, Wood-Preserving Oil, Bitumen Emulsion, Weed Destroyer, Bitumen Paint, Tar Sealing and Tarring Contractors.
DUNEDIN Horticultural Society's Spring Show, Pioneer Hall, Friday and Saturday, 4th and 5th October; admission 1s.
IF you appreciate hair with a sparkling sheen after washing it, try 'Zonal' Hair Rinse; you will be delighted; sold in 10 natural shades; packets 6d each.—At Ronaldsons'.
PREVENT stained ceilings; use Sisalkraft—For free samples write Hutchinson and Co., Savoy Buildings, Dunedin.
DUNEDIN Horticultural Society's Spring Show, Pioneer Hall, Friday and Saturday, 4th and 5th October; admission 1s.
COFFEE, Cafetorees, Gutter Pipes, Appendicitis treated without operation.—Ring and write 'Shepherd,' 38 Grange Street, Dunedin.
COAL — There is only one 'Kaitangata.' Do not be confused by other 'Kai.' Insist on 'Kaitangata.'
SOFT Wood 2d and above. Supplied cheapest. Spiral bound, 12 cents per roll.—Write Hutchinson and Co., Savoy Buildings, Dunedin.
WE sell Ready-mixed Concrete, 9s per cubic yard, at the Depot, Logan Point. Dunedin; or, we cart and deliver.
THE ideal foundation for modern make-up; Tonsine Vanishing Cream; 2s 6d, all leading stores and chemists.
DUNEDIN Horticultural Society's Spring Show, Pioneer Hall, Friday and Saturday, 4th and 5th October; admission 1s.
SEASIDE Houses—Line with Sisalkraft, Wallboard; supplied in rolls.—Call Hutchinson and Co., Savoy Buildings, Dunedin.
EVERYTHING for the Amateur Photographer.—Call and consult us on a wide range of Photographic Accessories.—Kodak New Zealand Ltd., 162 Princes street, Dunedin.
CAMERAS for all types; there is a Camera to suit your requirements at Kodak New Zealand Ltd., 162 Princes street.
GLOVERS for Ladies' and Gents' Wrist Watches; moderately priced and well guaranteed; Lockets from 10s.
DUNEDIN Horticultural Society's Spring Show, Pioneer Hall, Friday and Saturday, 4th and 5th October; admission 1s.
HOLLANDER'S are showing a wonderful variety of Cotton Frocks, all sizes, and well priced.
SISALKRAFT is tough and cheap; Wallboard; lasting; 36in and 48in.—Hutchinson and Co., Savoy Buildings.
DUNEDIN Horticultural Society's Spring Show, Pioneer Hall, Friday and Saturday, 4th and 5th October; admission 1s.
THE ideal foundation for modern make-up; Tonsine Vanishing Cream; 2s 6d, all leading stores and chemists.
PREVENT stained ceilings; use Sisalkraft—For free samples write Hutchinson and Co., Savoy Buildings, Dunedin.
COFFEE—Quality Coffee, freshly roasted and ground daily.—Obtainable from the coffee specialists.
DUNEDIN Horticultural Society's Spring Show, Pioneer Hall, Friday and Saturday, 4th and 5th October; admission 1s.
FOR Sale, Seafelt Ready-mixed Concrete; 9s per cubic yard.
SCRIM 4d daily—Wallpapers, decorating supplies; replace with Sisalkraft.—Tel. 12-125 for samples.
DUNEDIN Horticultural Society's Spring Show, Pioneer Hall, Friday and Saturday, 4th and 5th October; admission 1s.
LITTLE School Bags, 4s 3d; Zip Bags, 7s 11d; Dispatch, 5s 6d.—Gore Bags, 3s 11d; Leather Bags, 11s 6d; at all stores.
PUBLIC NOTICES.
QUEEN
CARNIVAL
RAFFLES
NAVY QUEEN RESULTS. No. 120, Set of Wicker Trays, winner, Mrs Walters; No. 126, Set of Wicker Trays, Mrs Winder; No. 45, Case of Writing Materials, Mrs Lee, 32 Serpentine street, Dunedin, No. 35, Herb Pots, Cake, Miss C. Hancock, Circle Street; No. 58, Box of 'Tattoo'; Free Food Parcel, Mrs Sealfe, care Cadbury Fry Hudson Ltd.; No. 62, Vase, T. Taylor, engraver Arthur Harrott Ltd.; No. 125, Blotter, Mulling, No. 37, Mrs Marshall, 20 Wilson street, Roslyn; No. 76, Gift Bag, of Pineapple, Mrs Moe, 6 St. Helier's Court, Dunedin; No. 134, Pair Vases, J. E. A. Tait, care P.O. Box 253, Dunedin; No. 101, Sugar Bowl, Mrs Gray; No. 166, Turkey, Mrs J. Smith, 9 New street.
ARMY QUEEN RESULTS. No. 32, Ewer, Mrs Cook, 66 Bay Hill, Mrs. S. Tait; No. 241, Hair Brush, Mrs Mouat, 60 Howe street, Belgrave; No. 11, Flowers, Miss Rutherford, No. 15, Pearce; No. 54, Bearded Rag, 98 Gibbon street; No. 140, Parcel, E. C. Fleming, Kaikorai Valley road; No. 37, Bottle of Wine, Mrs Stewart; No. 162, Rug, Mrs Nicholas, Brockville; No. 261, Case of Apples, Mrs Lambie, Roslyn.
OPENING ANNOUNCEMENT.
SHEPHERD'S RADIO SERVICE 215 MORAY PLACE (NEAR POST OFFICE).
I wish to advise my present clients and the public in general that from to-day I shall be operating my own account the RADIO SERVICING BUSINESS situated at above central address. I have been associated with the leading radio service firms, and hold the Radio Repair Department of the New Zealand Express Co. Ltd. (including service to Spartan and Oxford Radio), also the Ambulance Division of Radio and General Service. Service only hope to merit your continued patronage. Quality, efficiency and reasonable prices will be my guiding policy.
For prompt service and continuous satisfaction. NORMAN H. SHEPHERD. PHONE 12-712.
BASKETS. Do Your Share When Shopping. Take your Basket with you—SAVE WRAPPING PAPER. Make Sure It Is a 'NIUE ISLAND' BASKET. Light, but strong. Obtainable at Drapers and Fancy Goods Dealers.
BARTONS, BUTCHER. WEIGHT-GUESSING COMPETITION FOR PIG. 1st Prize (correct weight).—F. Gillanders, Mr Paul, 535lb. 2nd Prize, Mrs Russell, A. Clarke, 535lb. 3rd Prize, W. Hayden, 535lb. 4th Prize, Mr W. Walker, 535lb. Sum of 28 Raised. Prizes are to be collected at Barton's, butchers.
PERFECTO GUARANTEED PAINTS, The Perfect Paint for All Purposes. 78 shades to choose from. 11/6 PER GALLON. WHY PAY MORE? JAMES WREN AND CO. LTD., 402 Princes street, The Paint People. WRENOVATE.
WOLFE'S ALLFRUTE FRUIT JUICES Are packed in Apple, Passion Fruit, Pineapple, and Pure Tomato. Try a bottle. Ring us if unable to obtain. NEILL AND CO. LTD., Agents.
PERSONAL.
ESTATE OF JOHN BYRNE.
ANY PERSON OR PERSONS HAVING INFORMATION regarding any of the undermentioned Persons are requested to communicate with the District Public Trustee, Auckland:— (a) PATRICK BYRNE, BURN, or BURNS, son of (b) THOMAS BYRNE, BURN, or BURNS, and his son, ROY BYRNE, BURN or BURNS. (c) MARY BYRNE, stated to have died at Wellington in 1893. (d) KATE REYNOLDS (nee Byrne), stated to have been at Sydney, New South Wales. (e) JANE BYRNE, stated to have died in Australia, 1913 or 1914.
SOCIETY FOR PROTECTION OF WOMEN AND CHILDREN. THE SECRETARY will be in Attendance at the Office, Security Buildings, Stuart street, DAILY, 2-4 p.m. (Saturday excepted), to Receive Visitors Requiring Advice in Domestic Matters. All communications strictly confidential. Telephone 13-465.
ASSESSMENT COURT NOTICES.
SITTING OF ASSESSMENT COURT. Under the Valuation of Land Act, 1925, and its Amendments.
IT IS HEREBY NOTIFIED that an Assessment Court under the above Act will be sitting at the Courthouse, Balclutha, on the 17th OCTOBER, 1940, at 10.30 a.m., for the purpose of HEARING OBJECTIONS to the DISTRICT VALUATION ROLL for CLUTHA COUNTY. A. A. M'LACHLAN, Stipendiary Magistrate. September 27, 1940.
GET Quotations from 'Evening Star' Office for large or small quantities of Printing before placing your order.
